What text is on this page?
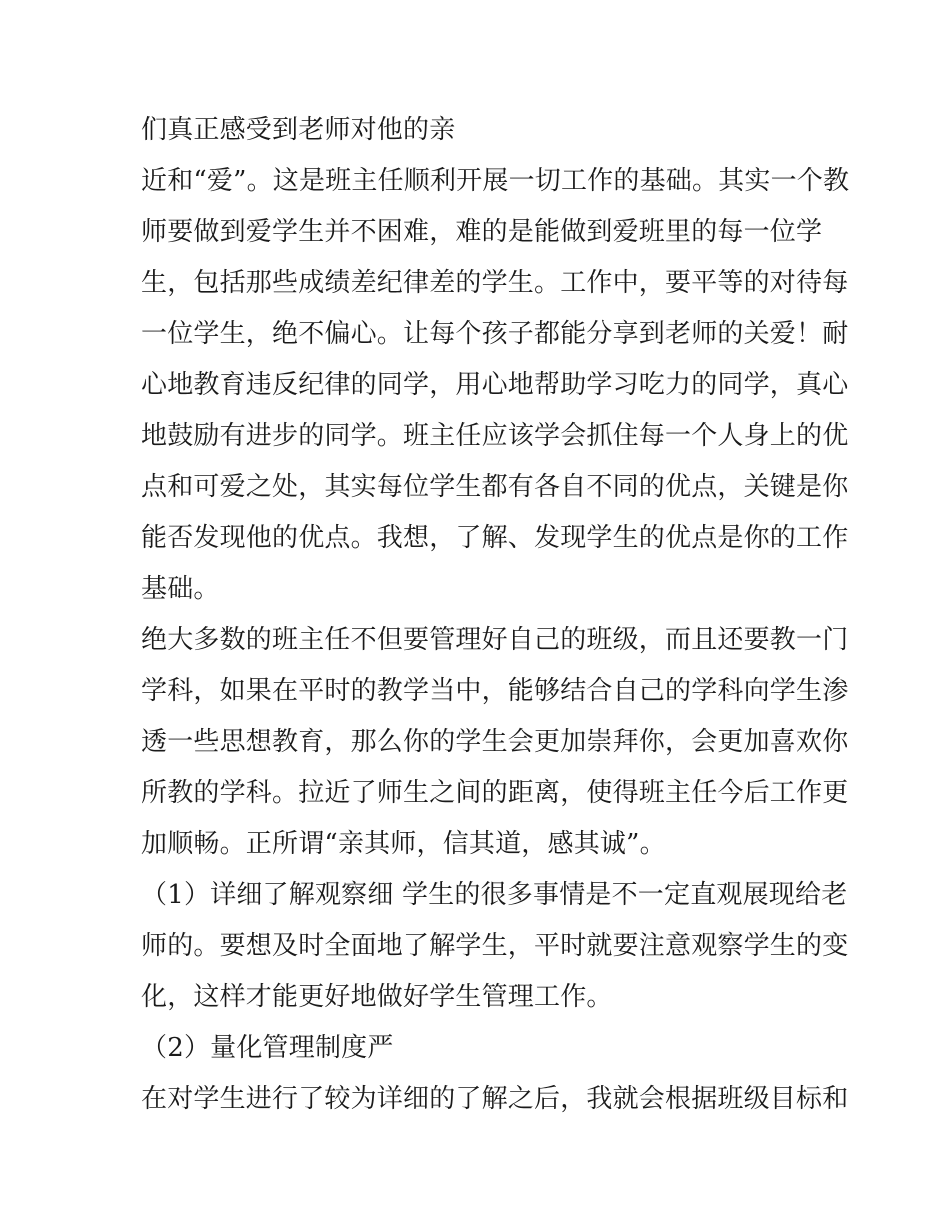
们真正感受到老师对他的亲
近和“爱”。这是班主任顺利开展一切工作的基础。其实一个教
师要做到爱学生并不困难，难的是能做到爱班里的每一位学
生，包括那些成绩差纪律差的学生。工作中，要平等的对待每
一位学生，绝不偏心。让每个孩子都能分享到老师的关爱！耐
心地教育违反纪律的同学，用心地帮助学习吃力的同学，真心
地鼓励有进步的同学。班主任应该学会抓住每一个人身上的优
点和可爱之处，其实每位学生都有各自不同的优点，关键是你
能否发现他的优点。我想，了解、发现学生的优点是你的工作
基础。
绝大多数的班主任不但要管理好自己的班级，而且还要教一门
学科，如果在平时的教学当中，能够结合自己的学科向学生渗
透一些思想教育，那么你的学生会更加崇拜你，会更加喜欢你
所教的学科。拉近了师生之间的距离，使得班主任今后工作更
加顺畅。正所谓“亲其师，信其道，感其诚”。
（1）详细了解观察细 学生的很多事情是不一定直观展现给老
师的。要想及时全面地了解学生，平时就要注意观察学生的变
化，这样才能更好地做好学生管理工作。
（2）量化管理制度严
在对学生进行了较为详细的了解之后，我就会根据班级目标和
